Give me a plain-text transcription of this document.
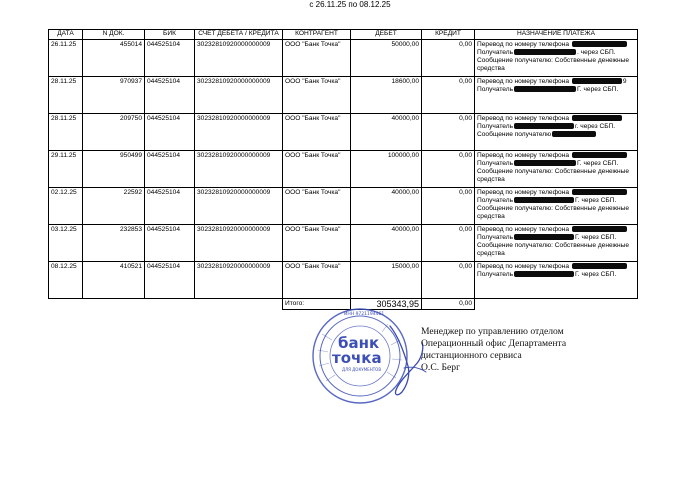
с 26.11.25 по 08.12.25
ДАТА	N ДОК.	БИК	СЧЕТ ДЕБЕТА / КРЕДИТА	КОНТРАГЕНТ	ДЕБЕТ	КРЕДИТ	НАЗНАЧЕНИЕ ПЛАТЕЖА
26.11.25	455014	044525104	30232810920000000009	ООО "Банк Точка"	50000,00	0,00	Перевод по номеру телефона
Получатель . через СБП.
Сообщение получателю: Собственные денежные
средства

28.11.25	970937	044525104	30232810920000000009	ООО "Банк Точка"	18600,00	0,00	Перевод по номеру телефона 9
Получатель Г. через СБП.

28.11.25	209750	044525104	30232810920000000009	ООО "Банк Точка"	40000,00	0,00	Перевод по номеру телефона
Получатель г. через СБП.
Сообщение получателю

29.11.25	950499	044525104	30232810920000000009	ООО "Банк Точка"	100000,00	0,00	Перевод по номеру телефона
Получатель Г. через СБП.
Сообщение получателю: Собственные денежные
средства

02.12.25	22592	044525104	30232810920000000009	ООО "Банк Точка"	40000,00	0,00	Перевод по номеру телефона
Получатель Г. через СБП.
Сообщение получателю: Собственные денежные
средства

03.12.25	232853	044525104	30232810920000000009	ООО "Банк Точка"	40000,00	0,00	Перевод по номеру телефона
Получатель Г. через СБП.
Сообщение получателю: Собственные денежные
средства

08.12.25	410521	044525104	30232810920000000009	ООО "Банк Точка"	15000,00	0,00	Перевод по номеру телефона
Получатель Г. через СБП.

				Итого:	305343,95	0,00	
банк
точка
ДЛЯ ДОКУМЕНТОВ
ИНН 9721194461
Менеджер по управлению отделом
Операционный офис Департамента
дистанционного сервиса
О.С. Берг
